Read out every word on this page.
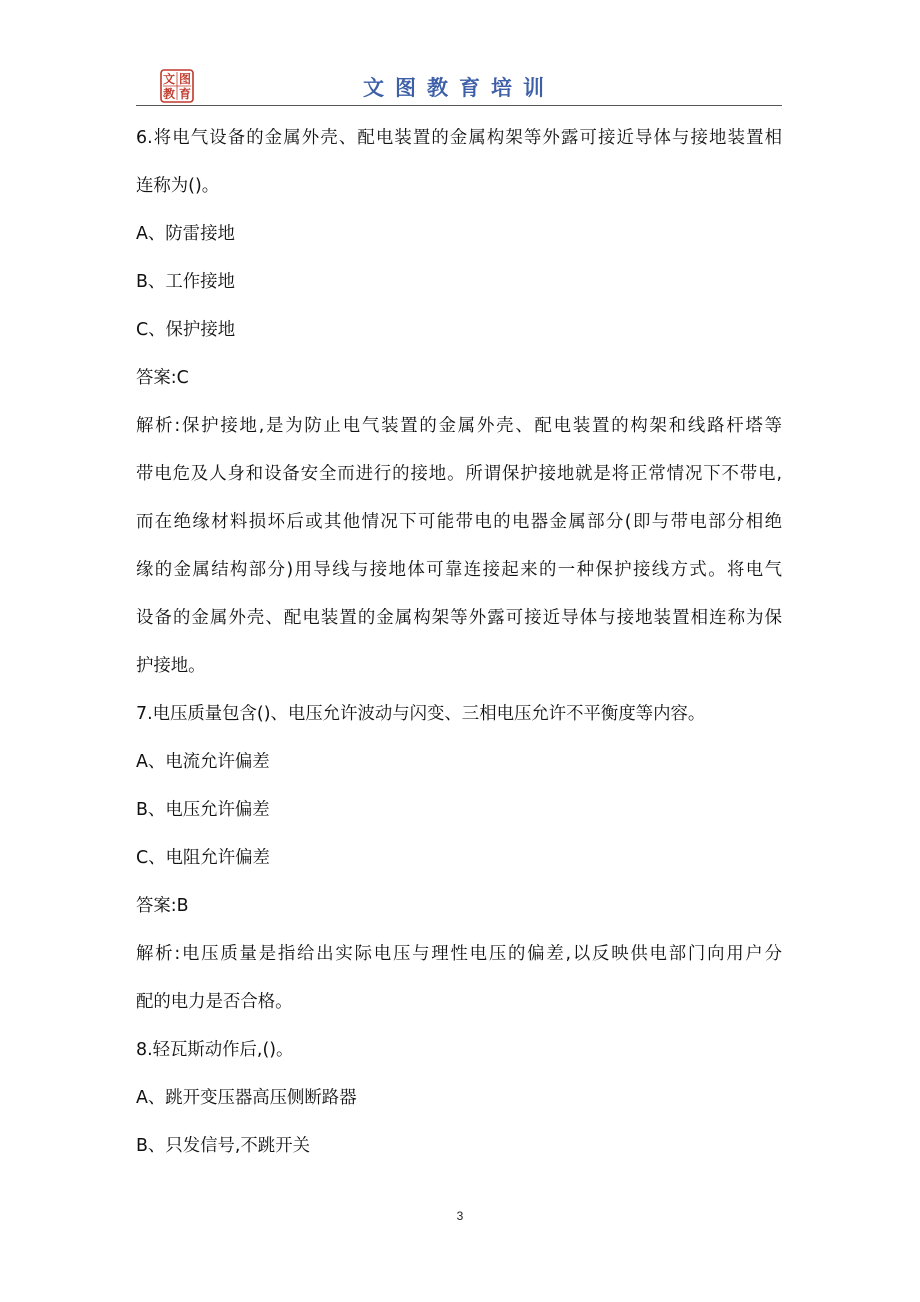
文 图
教 育	文图教育培训
6.将电气设备的金属外壳、配电装置的金属构架等外露可接近导体与接地装置相
连称为()。
A、防雷接地
B、工作接地
C、保护接地
答案:C
解析:保护接地,是为防止电气装置的金属外壳、配电装置的构架和线路杆塔等
带电危及人身和设备安全而进行的接地。所谓保护接地就是将正常情况下不带电,
而在绝缘材料损坏后或其他情况下可能带电的电器金属部分(即与带电部分相绝
缘的金属结构部分)用导线与接地体可靠连接起来的一种保护接线方式。将电气
设备的金属外壳、配电装置的金属构架等外露可接近导体与接地装置相连称为保
护接地。
7.电压质量包含()、电压允许波动与闪变、三相电压允许不平衡度等内容。
A、电流允许偏差
B、电压允许偏差
C、电阻允许偏差
答案:B
解析:电压质量是指给出实际电压与理性电压的偏差,以反映供电部门向用户分
配的电力是否合格。
8.轻瓦斯动作后,()。
A、跳开变压器高压侧断路器
B、只发信号,不跳开关
3
